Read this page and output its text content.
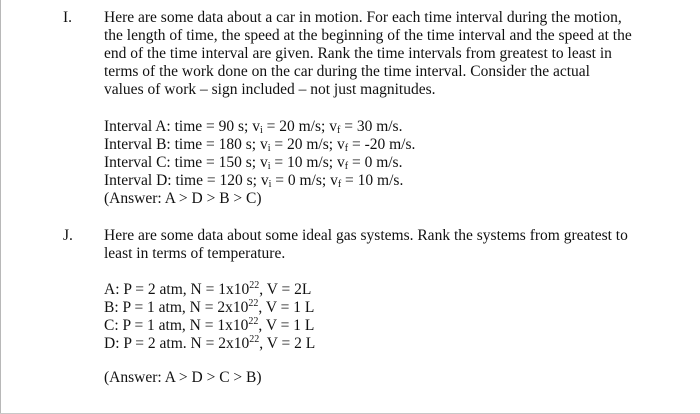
I. Here are some data about a car in motion. For each time interval during the motion,
the length of time, the speed at the beginning of the time interval and the speed at the
end of the time interval are given. Rank the time intervals from greatest to least in
terms of the work done on the car during the time interval. Consider the actual
values of work – sign included – not just magnitudes.
Interval A: time = 90 s; $v_i = 20$ m/s; $v_f = 30$ m/s.
Interval B: time = 180 s; $v_i = 20$ m/s; $v_f = -20$ m/s.
Interval C: time = 150 s; $v_i = 10$ m/s; $v_f = 0$ m/s.
Interval D: time = 120 s; $v_i = 0$ m/s; $v_f = 10$ m/s.
(Answer: A > D > B > C)
J. Here are some data about some ideal gas systems. Rank the systems from greatest to
least in terms of temperature.
A: P = 2 atm, $N = 1x10^{22}$, V = 2L
B: P = 1 atm, $N = 2x10^{22}$, V = 1 L
C: P = 1 atm, $N = 1x10^{22}$, V = 1 L
D: P = 2 atm. $N = 2x10^{22}$, V = 2 L
(Answer: A > D > C > B)
